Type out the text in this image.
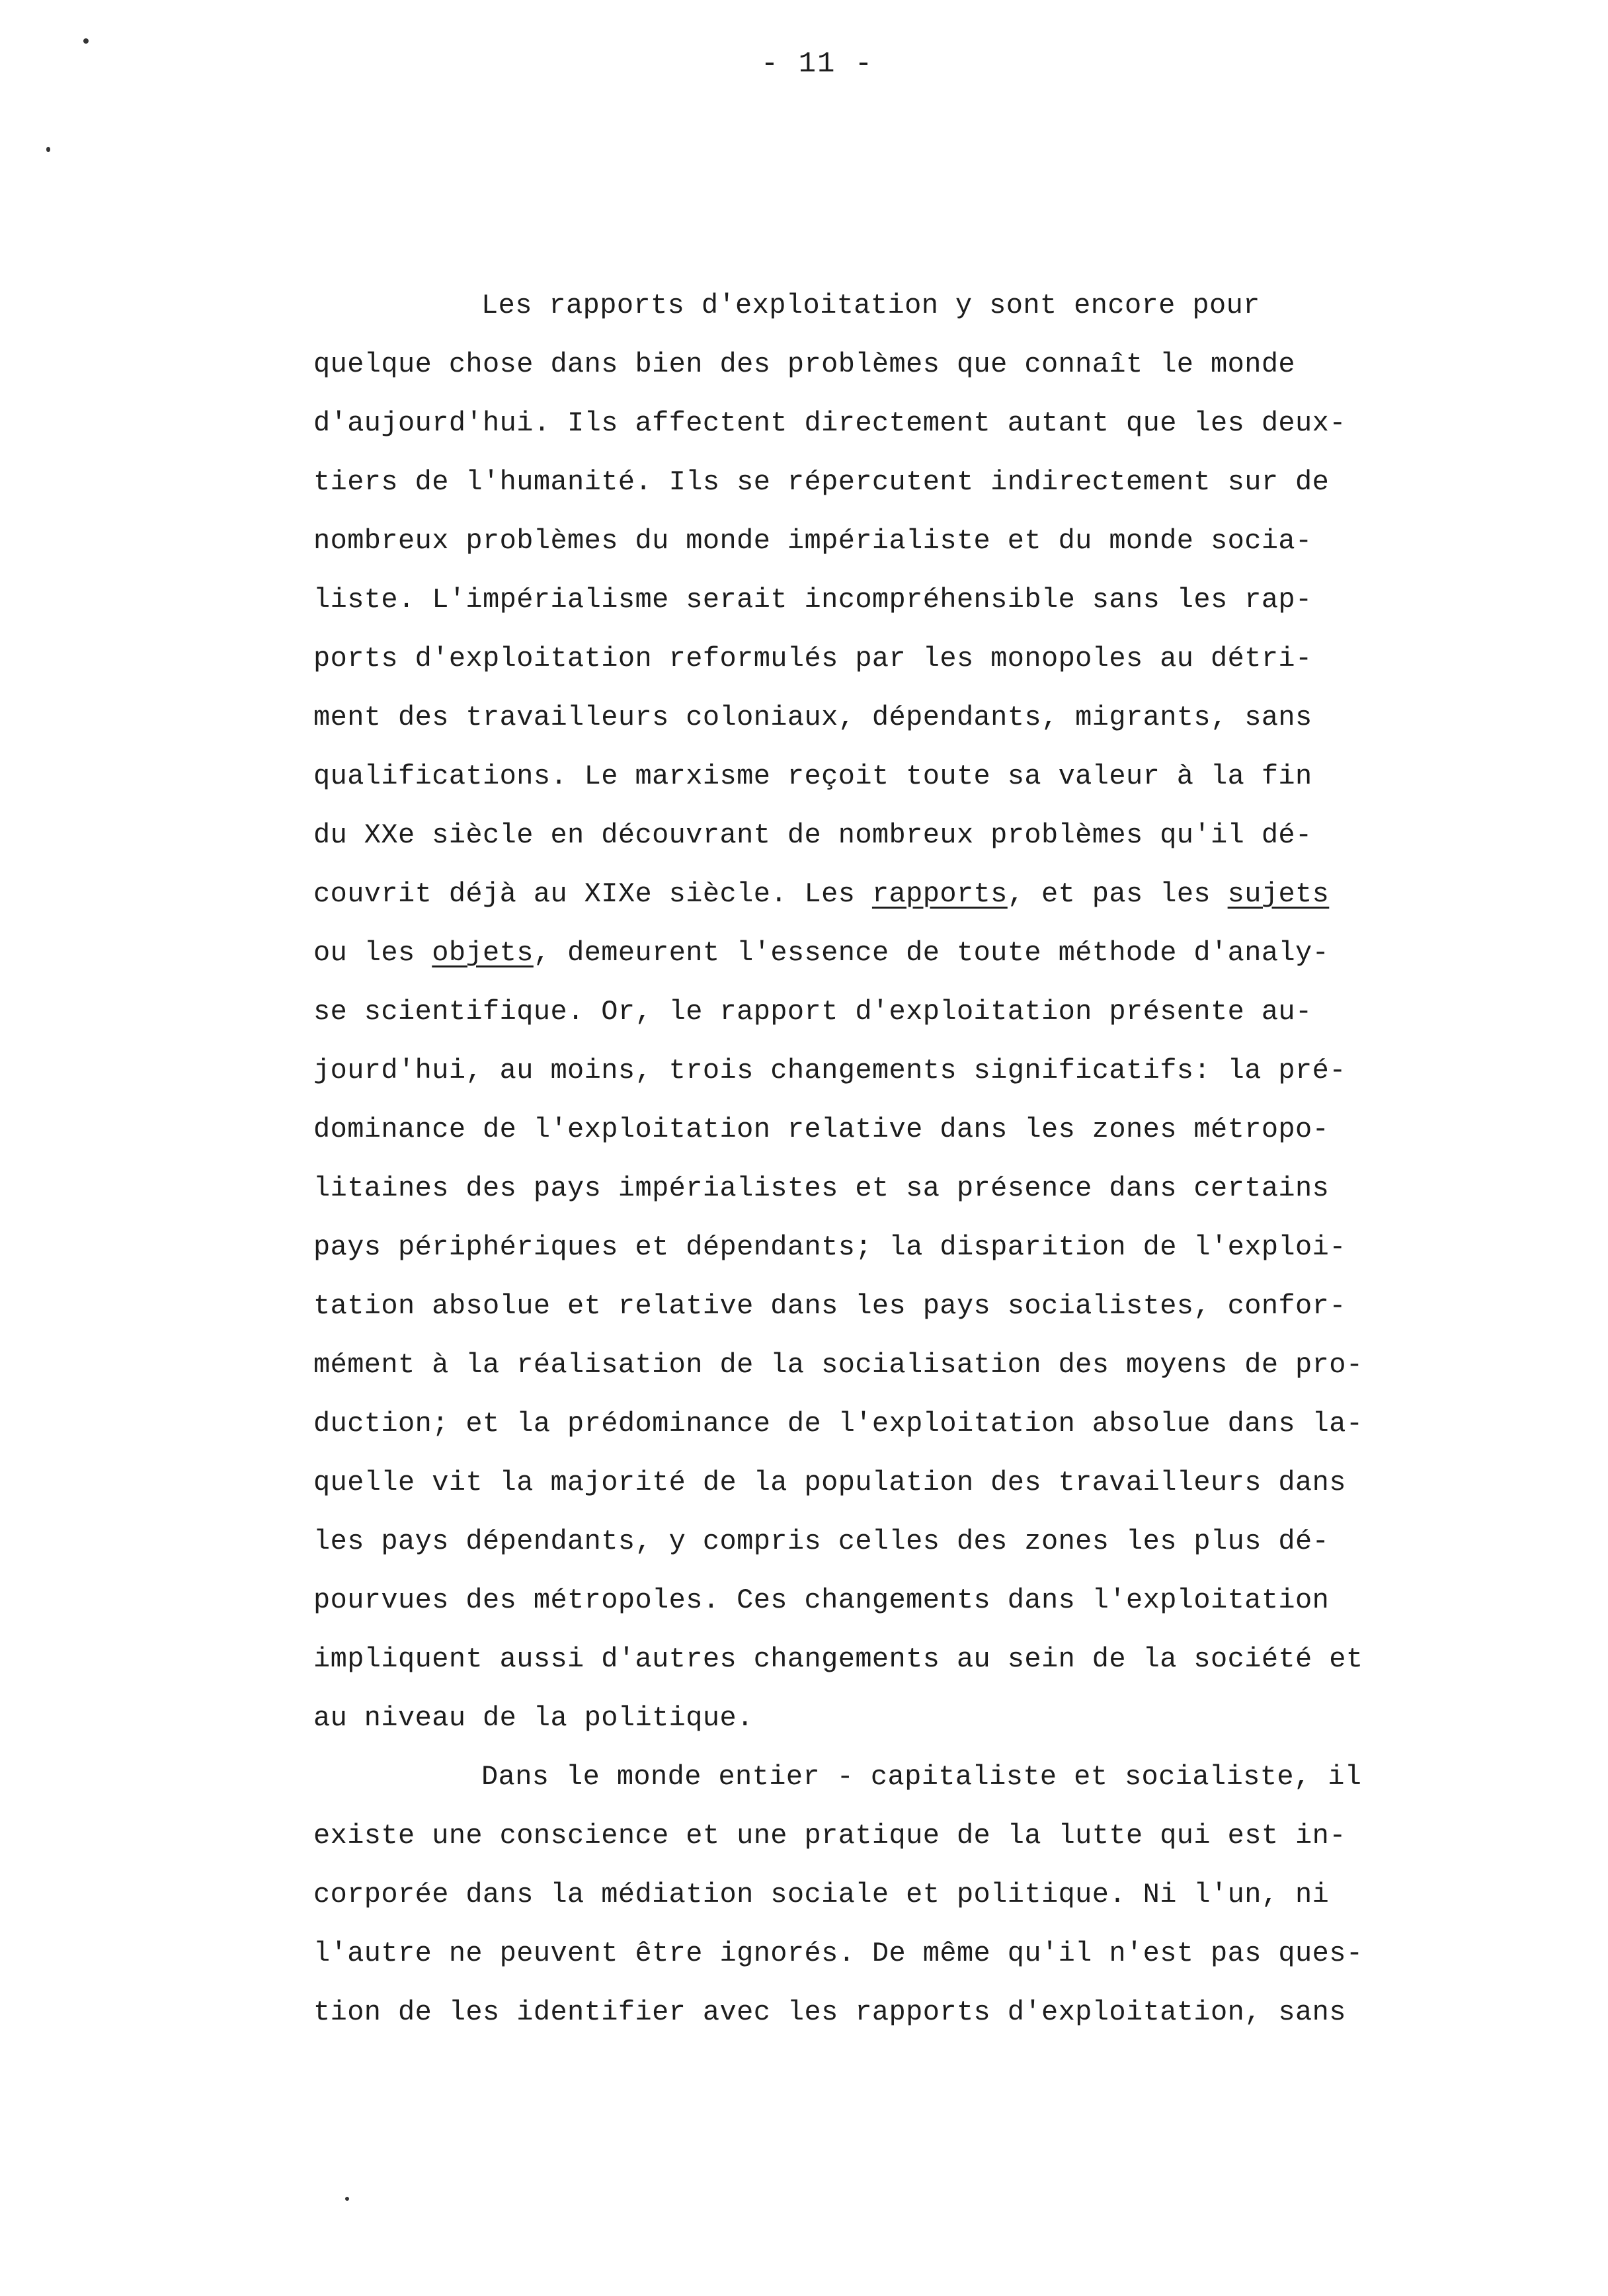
- 11 -
Les rapports d'exploitation y sont encore pour
quelque chose dans bien des problèmes que connaît le monde
d'aujourd'hui. Ils affectent directement autant que les deux-
tiers de l'humanité. Ils se répercutent indirectement sur de
nombreux problèmes du monde impérialiste et du monde socia-
liste. L'impérialisme serait incompréhensible sans les rap-
ports d'exploitation reformulés par les monopoles au détri-
ment des travailleurs coloniaux, dépendants, migrants, sans
qualifications. Le marxisme reçoit toute sa valeur à la fin
du XXe siècle en découvrant de nombreux problèmes qu'il dé-
couvrit déjà au XIXe siècle. Les rapports, et pas les sujets
ou les objets, demeurent l'essence de toute méthode d'analy-
se scientifique. Or, le rapport d'exploitation présente au-
jourd'hui, au moins, trois changements significatifs: la pré-
dominance de l'exploitation relative dans les zones métropo-
litaines des pays impérialistes et sa présence dans certains
pays périphériques et dépendants; la disparition de l'exploi-
tation absolue et relative dans les pays socialistes, confor-
mément à la réalisation de la socialisation des moyens de pro-
duction; et la prédominance de l'exploitation absolue dans la-
quelle vit la majorité de la population des travailleurs dans
les pays dépendants, y compris celles des zones les plus dé-
pourvues des métropoles. Ces changements dans l'exploitation
impliquent aussi d'autres changements au sein de la société et
au niveau de la politique.
Dans le monde entier - capitaliste et socialiste, il
existe une conscience et une pratique de la lutte qui est in-
corporée dans la médiation sociale et politique. Ni l'un, ni
l'autre ne peuvent être ignorés. De même qu'il n'est pas ques-
tion de les identifier avec les rapports d'exploitation, sans
